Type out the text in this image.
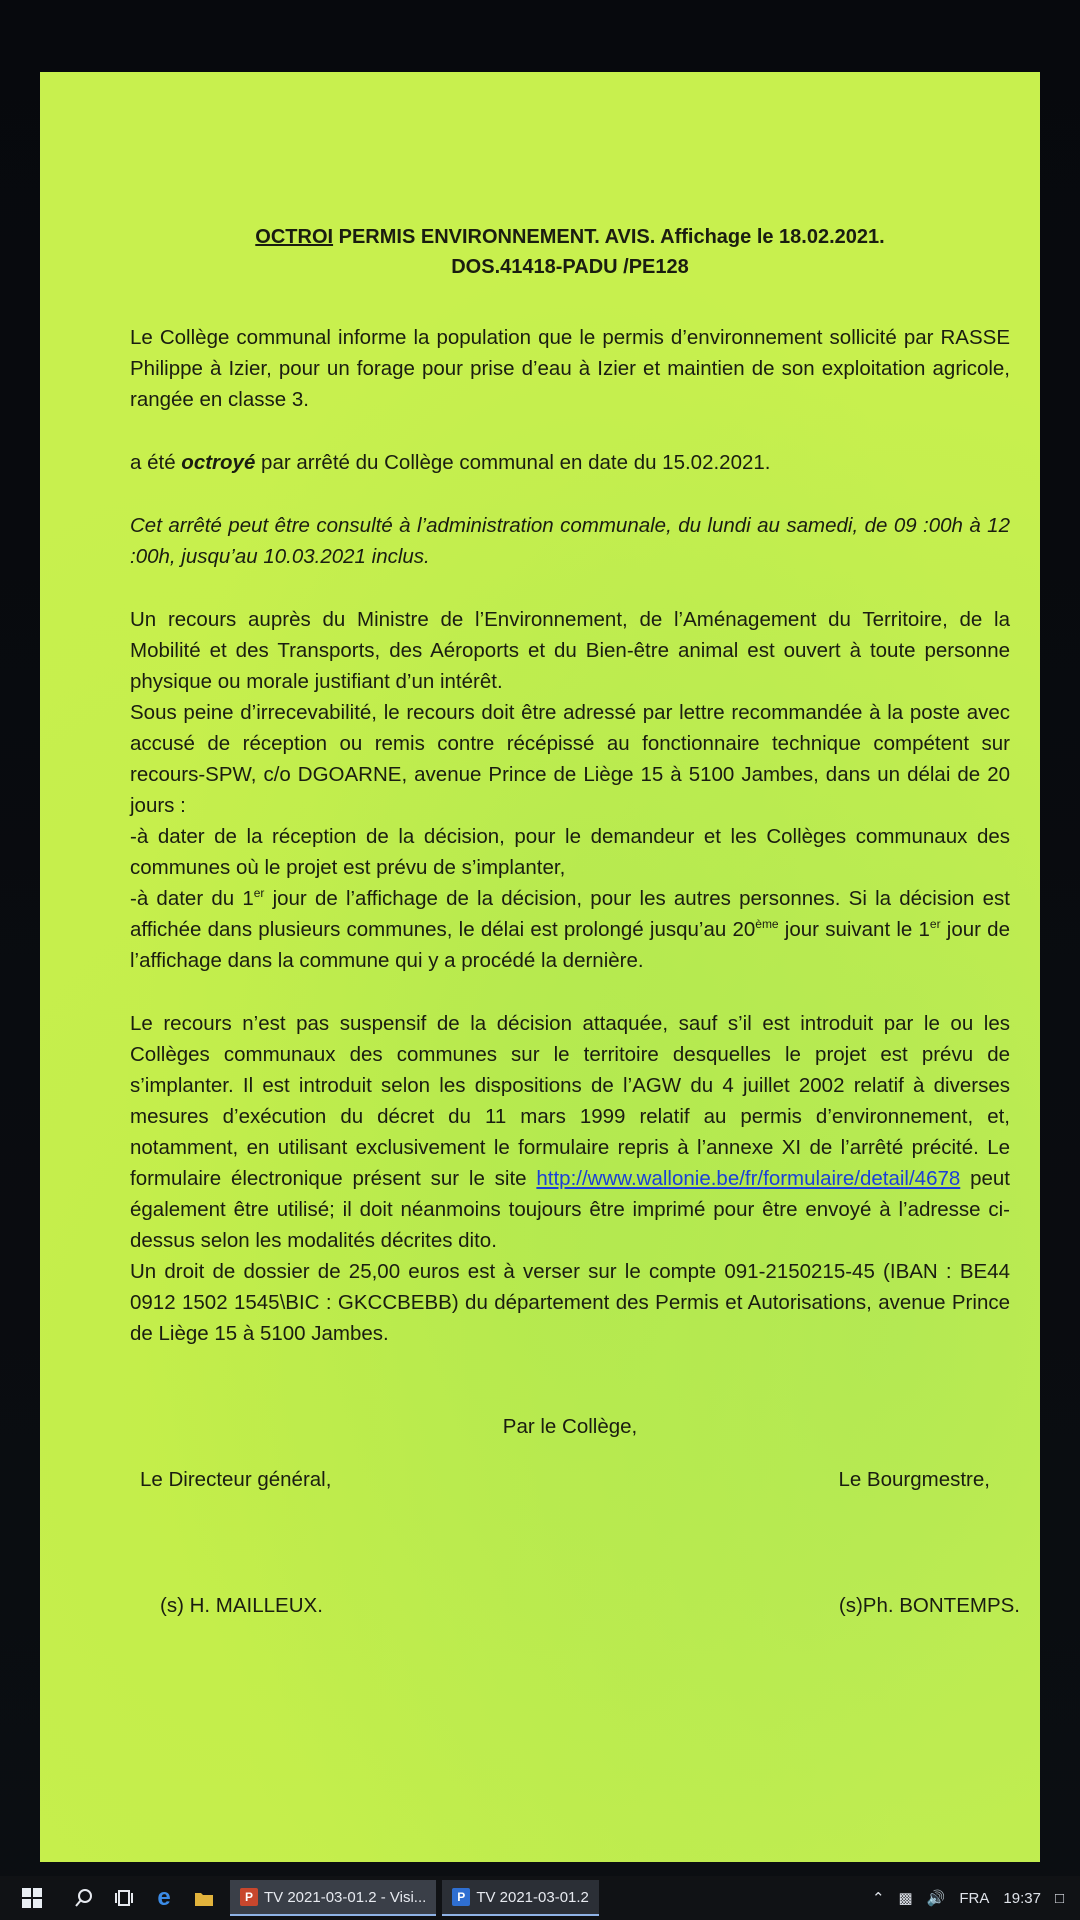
OCTROI PERMIS ENVIRONNEMENT. AVIS. Affichage le 18.02.2021.
DOS.41418-PADU /PE128

Le Collège communal informe la population que le permis d’environnement sollicité par RASSE Philippe à Izier, pour un forage pour prise d’eau à Izier et maintien de son exploitation agricole, rangée en classe 3.

a été octroyé par arrêté du Collège communal en date du 15.02.2021.

Cet arrêté peut être consulté à l’administration communale, du lundi au samedi, de 09 :00h à 12 :00h, jusqu’au 10.03.2021 inclus.

Un recours auprès du Ministre de l’Environnement, de l’Aménagement du Territoire, de la Mobilité et des Transports, des Aéroports et du Bien-être animal est ouvert à toute personne physique ou morale justifiant d’un intérêt.

Sous peine d’irrecevabilité, le recours doit être adressé par lettre recommandée à la poste avec accusé de réception ou remis contre récépissé au fonctionnaire technique compétent sur recours-SPW, c/o DGOARNE, avenue Prince de Liège 15 à 5100 Jambes, dans un délai de 20 jours :

-à dater de la réception de la décision, pour le demandeur et les Collèges communaux des communes où le projet est prévu de s’implanter,

-à dater du 1er jour de l’affichage de la décision, pour les autres personnes. Si la décision est affichée dans plusieurs communes, le délai est prolongé jusqu’au 20ème jour suivant le 1er jour de l’affichage dans la commune qui y a procédé la dernière.

Le recours n’est pas suspensif de la décision attaquée, sauf s’il est introduit par le ou les Collèges communaux des communes sur le territoire desquelles le projet est prévu de s’implanter. Il est introduit selon les dispositions de l’AGW du 4 juillet 2002 relatif à diverses mesures d’exécution du décret du 11 mars 1999 relatif au permis d’environnement, et, notamment, en utilisant exclusivement le formulaire repris à l’annexe XI de l’arrêté précité. Le formulaire électronique présent sur le site http://www.wallonie.be/fr/formulaire/detail/4678 peut également être utilisé; il doit néanmoins toujours être imprimé pour être envoyé à l’adresse ci-dessus selon les modalités décrites dito.

Un droit de dossier de 25,00 euros est à verser sur le compte 091-2150215-45 (IBAN : BE44 0912 1502 1545\BIC : GKCCBEBB) du département des Permis et Autorisations, avenue Prince de Liège 15 à 5100 Jambes.

Par le Collège,
Le Directeur général,	Le Bourgmestre,
(s) H. MAILLEUX.	(s)Ph. BONTEMPS.
e	P TV 2021-03-01.2 - Visi...	P TV 2021-03-01.2	⌃ ▩ 🔊 FRA 19:37 □
